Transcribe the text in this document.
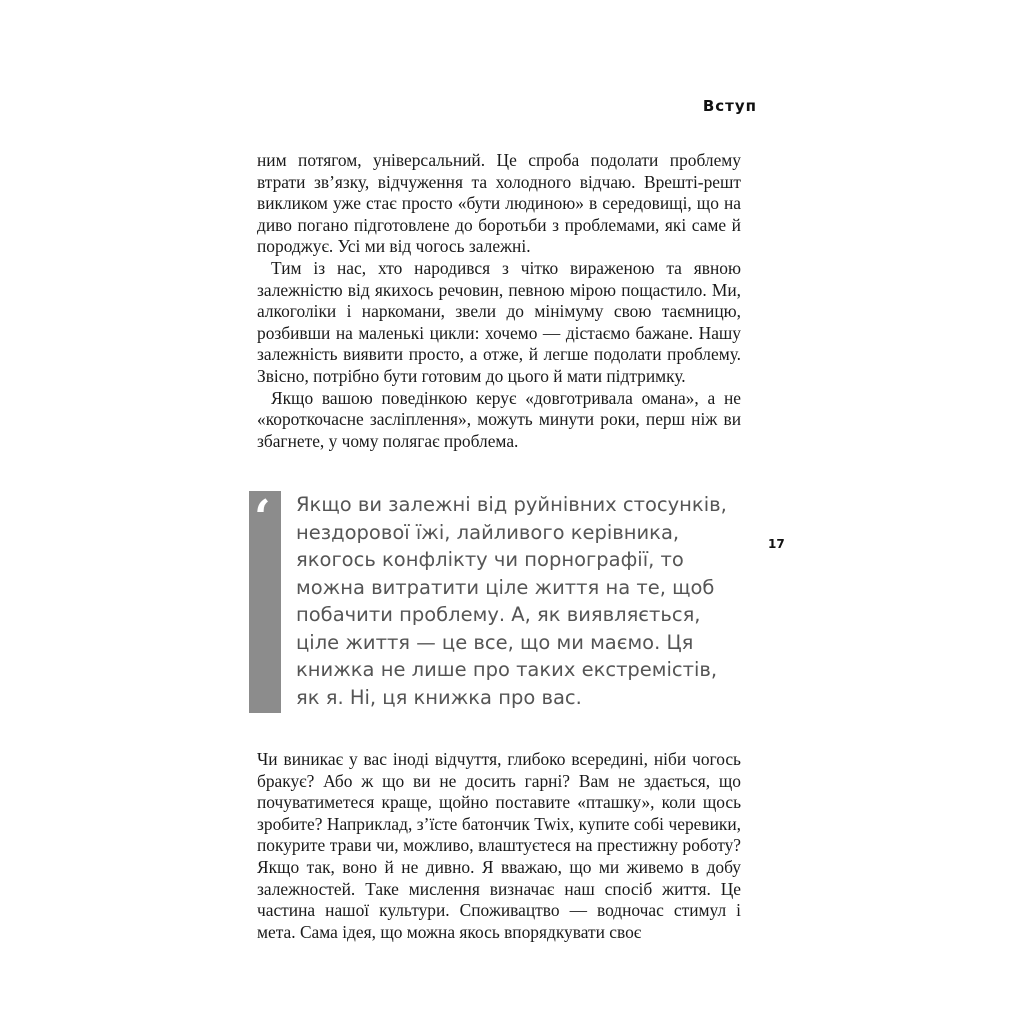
Вступ

ним потягом, універсальний. Це спроба подолати проблему втрати зв’язку, відчуження та холодного відчаю. Врешті-решт викликом уже стає просто «бути людиною» в середовищі, що на диво погано підготовлене до боротьби з проблемами, які саме й породжує. Усі ми від чогось залежні.

Тим із нас, хто народився з чітко вираженою та явною залежністю від якихось речовин, певною мірою пощастило. Ми, алкоголіки і наркомани, звели до мінімуму свою таємницю, розбивши на маленькі цикли: хочемо — дістаємо бажане. Нашу залежність виявити просто, а отже, й легше подолати проблему. Звісно, потрібно бути готовим до цього й мати підтримку.

Якщо вашою поведінкою керує «довготривала омана», а не «короткочасне засліплення», можуть минути роки, перш ніж ви збагнете, у чому полягає проблема.

‘ Якщо ви залежні від руйнівних стосунків,
нездорової їжі, лайливого керівника,
якогось конфлікту чи порнографії, то
можна витратити ціле життя на те, щоб
побачити проблему. А, як виявляється,
ціле життя — це все, що ми маємо. Ця
книжка не лише про таких екстремістів,
як я. Ні, ця книжка про вас.
17

Чи виникає у вас іноді відчуття, глибоко всередині, ніби чогось бракує? Або ж що ви не досить гарні? Вам не здається, що почуватиметеся краще, щойно поставите «пташку», коли щось зробите? Наприклад, з’їсте батончик Twix, купите собі черевики, покурите трави чи, можливо, влаштуєтеся на престижну роботу? Якщо так, воно й не дивно. Я вважаю, що ми живемо в добу залежностей. Таке мислення визначає наш спосіб життя. Це частина нашої культури. Споживацтво — водночас стимул і мета. Сама ідея, що можна якось впорядкувати своє
